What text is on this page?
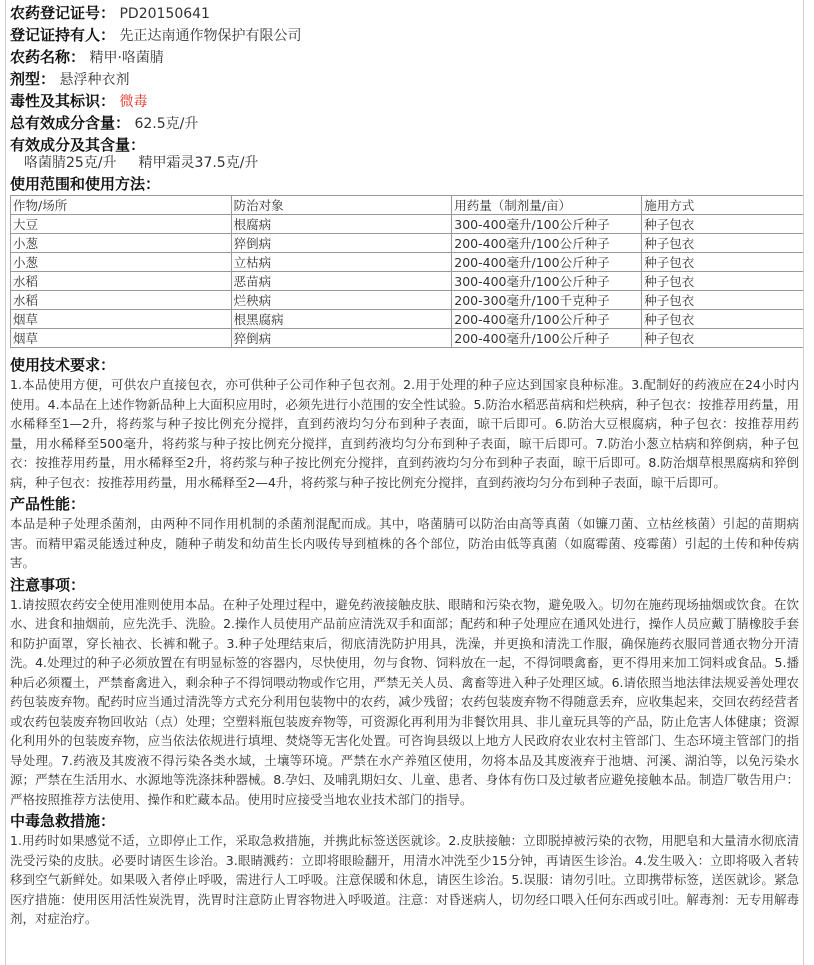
农药登记证号： PD20150641
登记证持有人： 先正达南通作物保护有限公司
农药名称： 精甲·咯菌腈
剂型： 悬浮种衣剂
毒性及其标识： 微毒
总有效成分含量： 62.5克/升
有效成分及其含量：
咯菌腈25克/升 精甲霜灵37.5克/升
使用范围和使用方法：
作物/场所	防治对象	用药量（制剂量/亩）	施用方式
大豆	根腐病	300-400毫升/100公斤种子	种子包衣
小葱	猝倒病	200-400毫升/100公斤种子	种子包衣
小葱	立枯病	200-400毫升/100公斤种子	种子包衣
水稻	恶苗病	300-400毫升/100公斤种子	种子包衣
水稻	烂秧病	200-300毫升/100千克种子	种子包衣
烟草	根黑腐病	200-400毫升/100公斤种子	种子包衣
烟草	猝倒病	200-400毫升/100公斤种子	种子包衣
使用技术要求：

1.本品使用方便，可供农户直接包衣，亦可供种子公司作种子包衣剂。2.用于处理的种子应达到国家良种标准。3.配制好的药液应在24小时内使用。4.本品在上述作物新品种上大面积应用时，必须先进行小范围的安全性试验。5.防治水稻恶苗病和烂秧病，种子包衣：按推荐用药量，用水稀释至1—2升，将药浆与种子按比例充分搅拌，直到药液均匀分布到种子表面，晾干后即可。6.防治大豆根腐病，种子包衣：按推荐用药量，用水稀释至500毫升，将药浆与种子按比例充分搅拌，直到药液均匀分布到种子表面，晾干后即可。7.防治小葱立枯病和猝倒病，种子包衣：按推荐用药量，用水稀释至2升，将药浆与种子按比例充分搅拌，直到药液均匀分布到种子表面，晾干后即可。8.防治烟草根黑腐病和猝倒病，种子包衣：按推荐用药量，用水稀释至2—4升，将药浆与种子按比例充分搅拌，直到药液均匀分布到种子表面，晾干后即可。

产品性能：

本品是种子处理杀菌剂，由两种不同作用机制的杀菌剂混配而成。其中，咯菌腈可以防治由高等真菌（如镰刀菌、立枯丝核菌）引起的苗期病害。而精甲霜灵能透过种皮，随种子萌发和幼苗生长内吸传导到植株的各个部位，防治由低等真菌（如腐霉菌、疫霉菌）引起的土传和种传病害。

注意事项：

1.请按照农药安全使用准则使用本品。在种子处理过程中，避免药液接触皮肤、眼睛和污染衣物，避免吸入。切勿在施药现场抽烟或饮食。在饮水、进食和抽烟前，应先洗手、洗脸。2.操作人员使用产品前应清洗双手和面部；配药和种子处理应在通风处进行，操作人员应戴丁腈橡胶手套和防护面罩，穿长袖衣、长裤和靴子。3.种子处理结束后，彻底清洗防护用具，洗澡，并更换和清洗工作服，确保施药衣服同普通衣物分开清洗。4.处理过的种子必须放置在有明显标签的容器内，尽快使用，勿与食物、饲料放在一起，不得饲喂禽畜，更不得用来加工饲料或食品。5.播种后必须覆土，严禁畜禽进入，剩余种子不得饲喂动物或作它用，严禁无关人员、禽畜等进入种子处理区域。6.请依照当地法律法规妥善处理农药包装废弃物。配药时应当通过清洗等方式充分利用包装物中的农药，减少残留；农药包装废弃物不得随意丢弃，应收集起来，交回农药经营者或农药包装废弃物回收站（点）处理；空塑料瓶包装废弃物等，可资源化再利用为非餐饮用具、非儿童玩具等的产品，防止危害人体健康；资源化利用外的包装废弃物，应当依法依规进行填埋、焚烧等无害化处置。可咨询县级以上地方人民政府农业农村主管部门、生态环境主管部门的指导处理。7.药液及其废液不得污染各类水域，土壤等环境。严禁在水产养殖区使用，勿将本品及其废液弃于池塘、河溪、湖泊等，以免污染水源；严禁在生活用水、水源地等洗涤抹种器械。8.孕妇、及哺乳期妇女、儿童、患者、身体有伤口及过敏者应避免接触本品。制造厂敬告用户：严格按照推荐方法使用、操作和贮藏本品。使用时应接受当地农业技术部门的指导。

中毒急救措施：

1.用药时如果感觉不适，立即停止工作，采取急救措施，并携此标签送医就诊。2.皮肤接触：立即脱掉被污染的衣物，用肥皂和大量清水彻底清洗受污染的皮肤。必要时请医生诊治。3.眼睛溅药：立即将眼睑翻开，用清水冲洗至少15分钟，再请医生诊治。4.发生吸入：立即将吸入者转移到空气新鲜处。如果吸入者停止呼吸，需进行人工呼吸。注意保暖和休息，请医生诊治。5.误服：请勿引吐。立即携带标签，送医就诊。紧急医疗措施：使用医用活性炭洗胃，洗胃时注意防止胃容物进入呼吸道。注意：对昏迷病人，切勿经口喂入任何东西或引吐。解毒剂：无专用解毒剂，对症治疗。
